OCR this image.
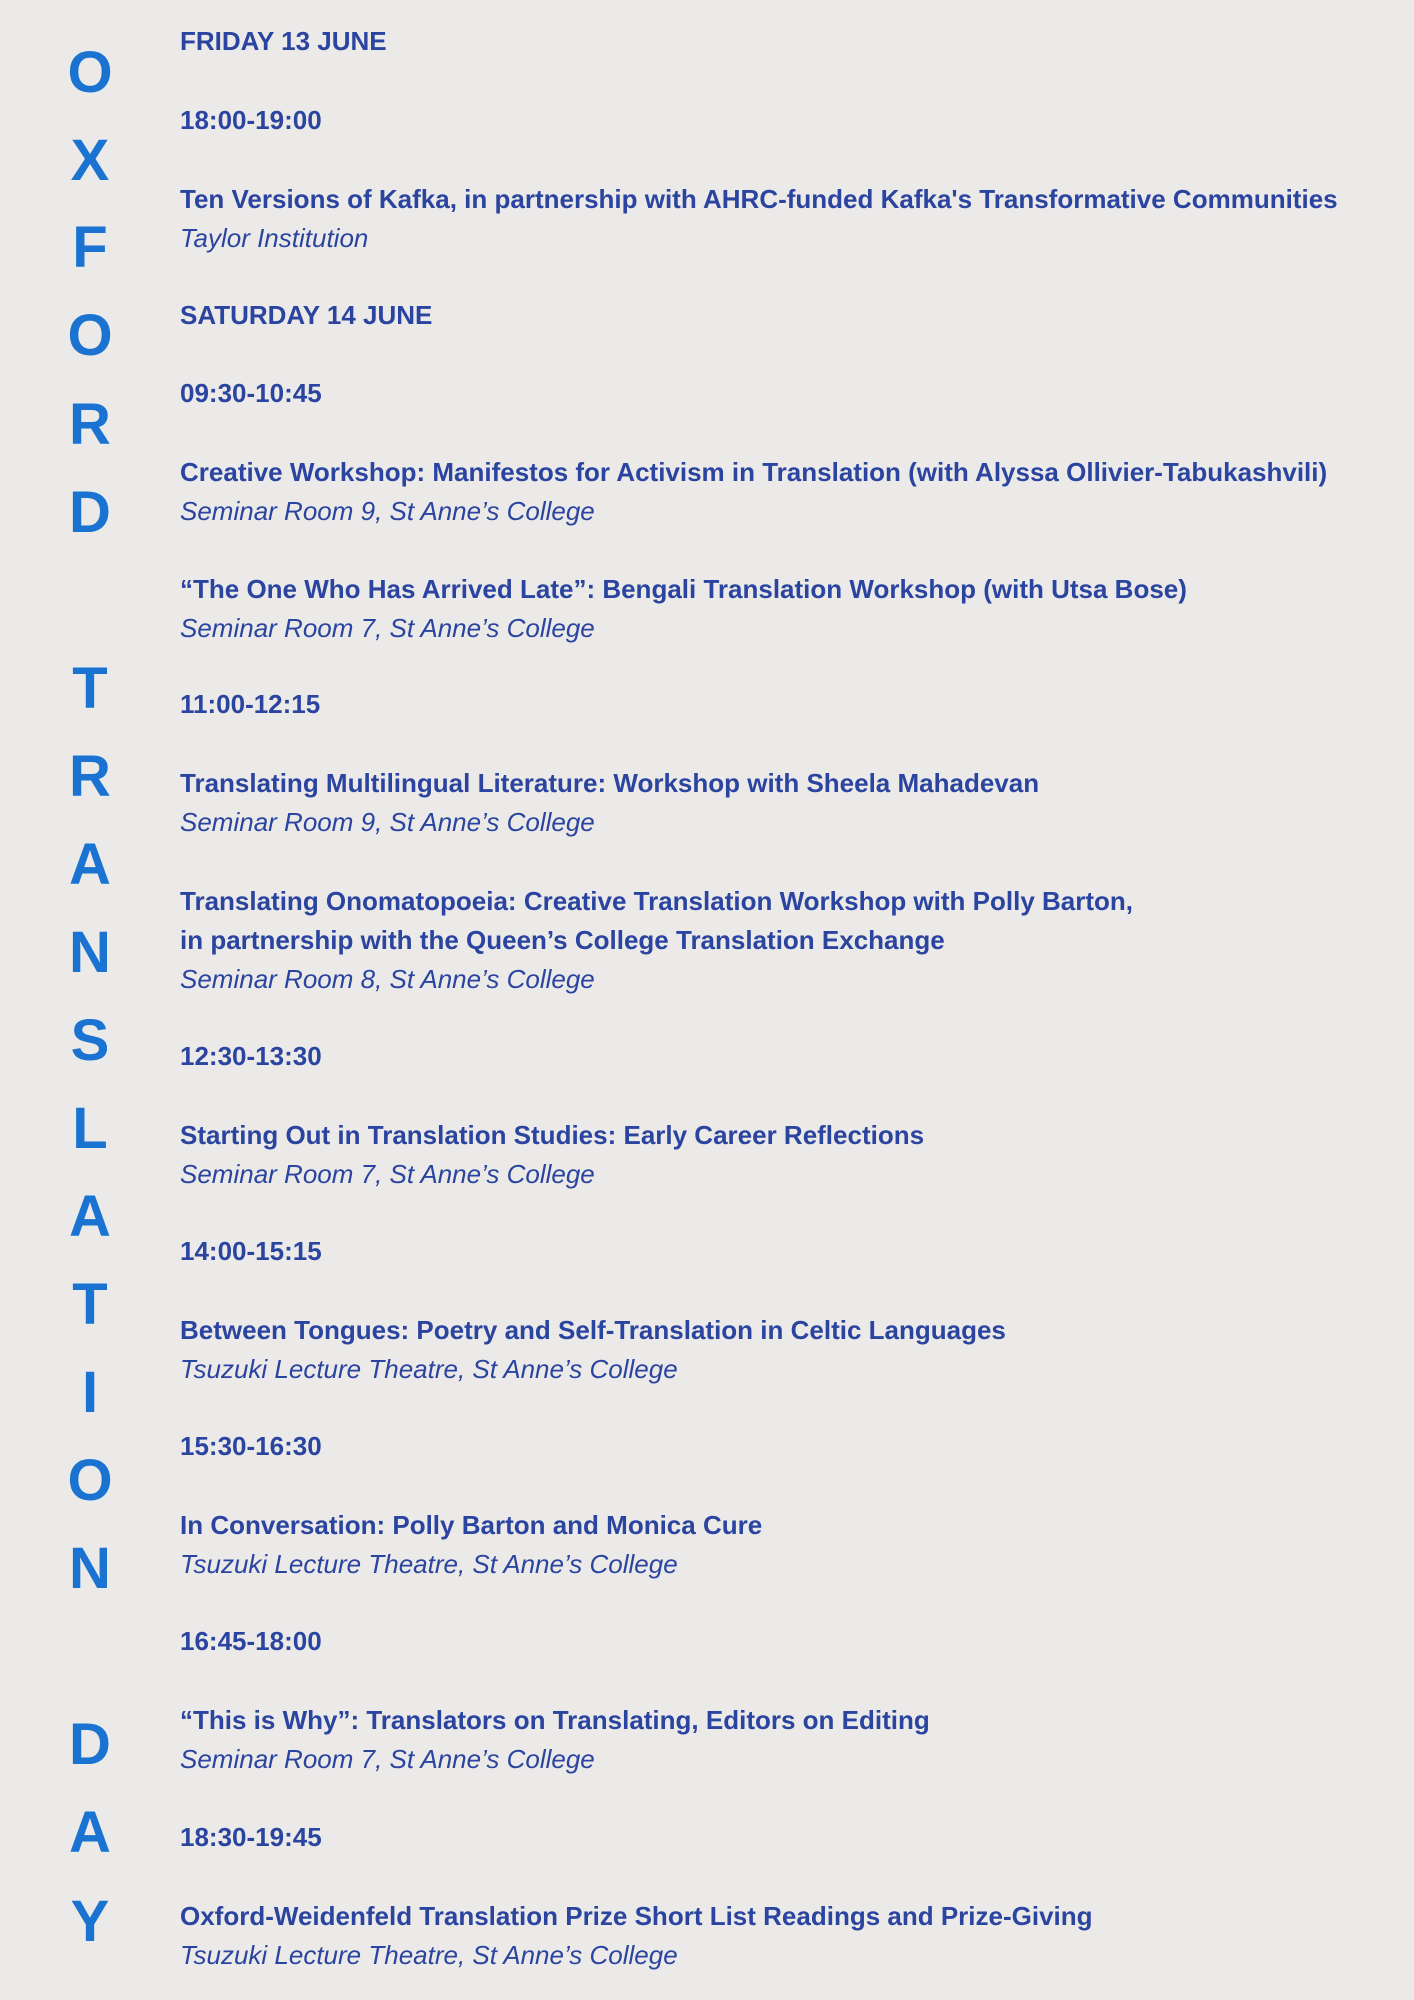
O
X
F
O
R
D
T
R
A
N
S
L
A
T
I
O
N
D
A
Y
FRIDAY 13 JUNE
18:00-19:00
Ten Versions of Kafka, in partnership with AHRC-funded Kafka's Transformative Communities
Taylor Institution
SATURDAY 14 JUNE
09:30-10:45
Creative Workshop: Manifestos for Activism in Translation (with Alyssa Ollivier-Tabukashvili)
Seminar Room 9, St Anne’s College
“The One Who Has Arrived Late”: Bengali Translation Workshop (with Utsa Bose)
Seminar Room 7, St Anne’s College
11:00-12:15
Translating Multilingual Literature: Workshop with Sheela Mahadevan
Seminar Room 9, St Anne’s College
Translating Onomatopoeia: Creative Translation Workshop with Polly Barton,
in partnership with the Queen’s College Translation Exchange
Seminar Room 8, St Anne’s College
12:30-13:30
Starting Out in Translation Studies: Early Career Reflections
Seminar Room 7, St Anne’s College
14:00-15:15
Between Tongues: Poetry and Self-Translation in Celtic Languages
Tsuzuki Lecture Theatre, St Anne’s College
15:30-16:30
In Conversation: Polly Barton and Monica Cure
Tsuzuki Lecture Theatre, St Anne’s College
16:45-18:00
“This is Why”: Translators on Translating, Editors on Editing
Seminar Room 7, St Anne’s College
18:30-19:45
Oxford-Weidenfeld Translation Prize Short List Readings and Prize-Giving
Tsuzuki Lecture Theatre, St Anne’s College
